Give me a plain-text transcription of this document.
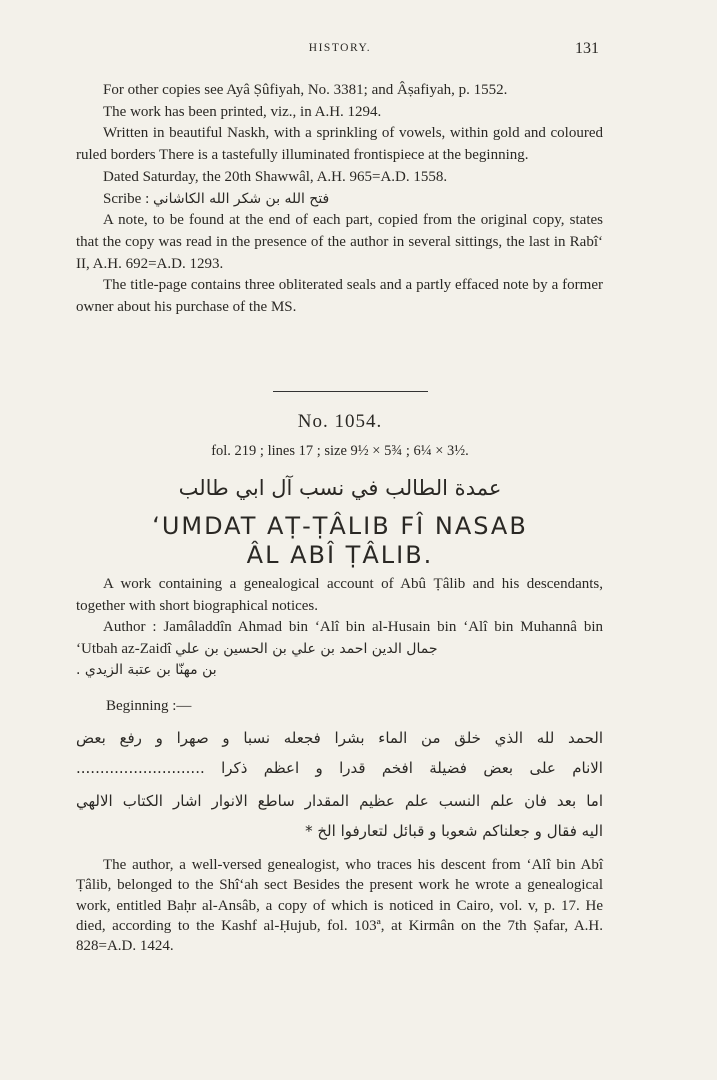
HISTORY.	131

For other copies see Ayâ Ṣûfiyah, No. 3381; and Âṣafiyah, p. 1552.

The work has been printed, viz., in A.H. 1294.

Written in beautiful Naskh, with a sprinkling of vowels, within gold and coloured ruled borders There is a tastefully illuminated frontispiece at the beginning.

Dated Saturday, the 20th Shawwâl, A.H. 965=A.D. 1558.

Scribe : فتح الله بن شكر الله الكاشاني

A note, to be found at the end of each part, copied from the original copy, states that the copy was read in the presence of the author in several sittings, the last in Rabî‘ II, A.H. 692=A.D. 1293.

The title-page contains three obliterated seals and a partly effaced note by a former owner about his purchase of the MS.

No. 1054.
fol. 219 ; lines 17 ; size 9½ × 5¾ ; 6¼ × 3½.
عمدة الطالب في نسب آل ابي طالب
‘UMDAT AṬ-ṬÂLIB FÎ NASAB
ÂL ABÎ ṬÂLIB.

A work containing a genealogical account of Abû Ṭâlib and his descendants, together with short biographical notices.

Author : Jamâladdîn Ahmad bin ‘Alî bin al-Husain bin ‘Alî bin Muhannâ bin ‘Utbah az-Zaidî جمال الدين احمد بن علي بن الحسين بن علي

بن مهنّا بن عتبة الزيدي .

Beginning :—
الحمد لله الذي خلق من الماء بشرا فجعله نسبا و صهرا و رفع بعض
الانام على بعض فضيلة افخم قدرا و اعظم ذكرا ...........................
اما بعد فان علم النسب علم عظيم المقدار ساطع الانوار اشار الكتاب الالهي
اليه فقال و جعلناكم شعوبا و قبائل لتعارفوا الخ *

The author, a well-versed genealogist, who traces his descent from ‘Alî bin Abî Ṭâlib, belonged to the Shî‘ah sect Besides the present work he wrote a genealogical work, entitled Baḥr al-Ansâb, a copy of which is noticed in Cairo, vol. v, p. 17. He died, according to the Kashf al-Ḥujub, fol. 103ª, at Kirmân on the 7th Ṣafar, A.H. 828=A.D. 1424.
